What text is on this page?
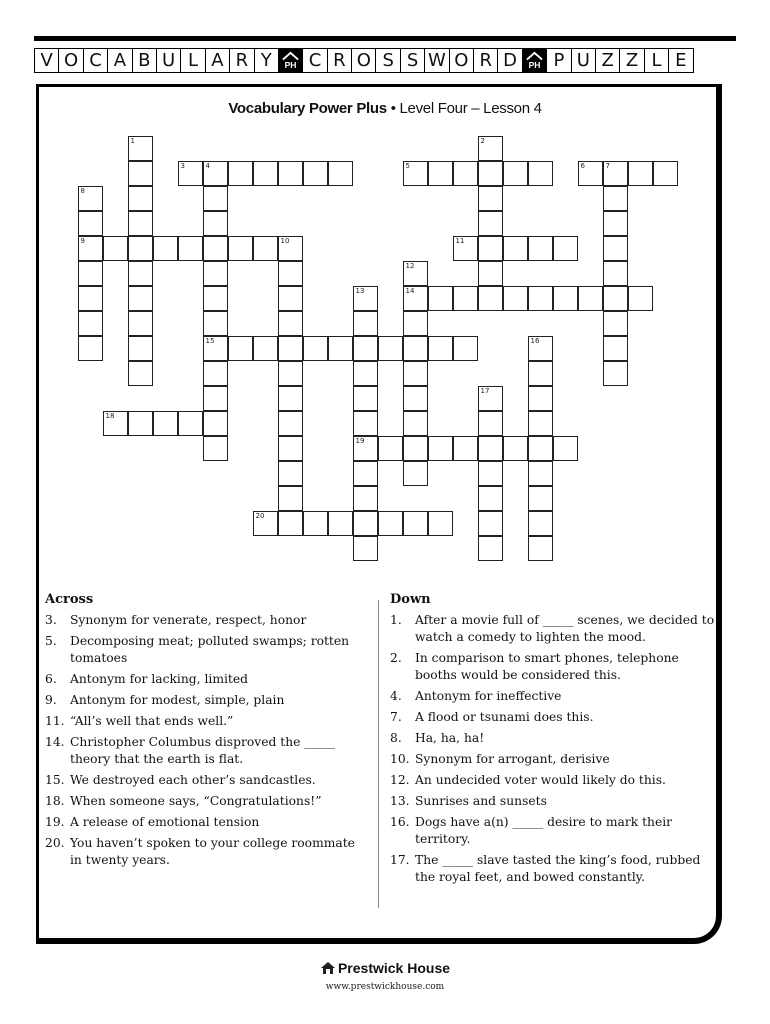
V O C A B U L A R Y	PH C R O S S W O R D	PH P U Z Z L E
Vocabulary Power Plus • Level Four – Lesson 4
1	2
3	4
15
5	6	7
8
9	10	11
12
14
13
19
16
17
18
20
Across	Down
3. Synonym for venerate, respect, honor
5. Decomposing meat; polluted swamps; rotten tomatoes
6. Antonym for lacking, limited
9. Antonym for modest, simple, plain
11. “All’s well that ends well.”
14. Christopher Columbus disproved the _____ theory that the earth is flat.
15. We destroyed each other’s sandcastles.
18. When someone says, “Congratulations!”
19. A release of emotional tension
20. You haven’t spoken to your college roommate in twenty years.
1. After a movie full of _____ scenes, we decided to watch a comedy to lighten the mood.
2. In comparison to smart phones, telephone booths would be considered this.
4. Antonym for ineffective
7. A flood or tsunami does this.
8. Ha, ha, ha!
10. Synonym for arrogant, derisive
12. An undecided voter would likely do this.
13. Sunrises and sunsets
16. Dogs have a(n) _____ desire to mark their territory.
17. The _____ slave tasted the king’s food, rubbed the royal feet, and bowed constantly.
Prestwick House
www.prestwickhouse.com
